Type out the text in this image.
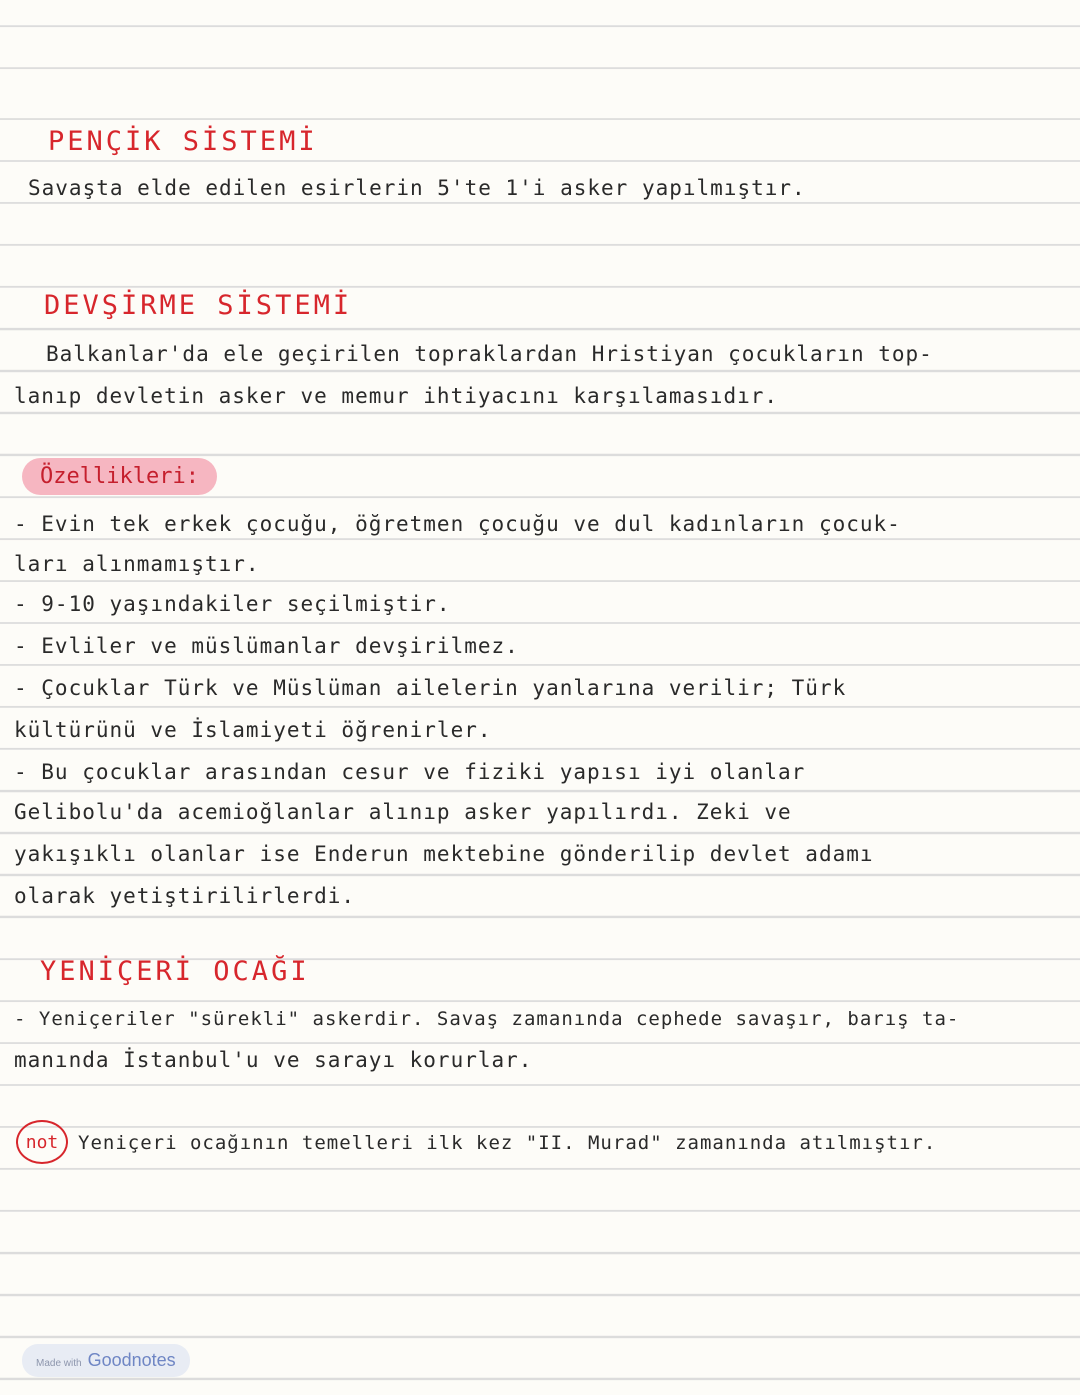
PENÇİK SİSTEMİ
Savaşta elde edilen esirlerin 5'te 1'i asker yapılmıştır.
DEVŞİRME SİSTEMİ
Balkanlar'da ele geçirilen topraklardan Hristiyan çocukların top-
lanıp devletin asker ve memur ihtiyacını karşılamasıdır.
Özellikleri:
- Evin tek erkek çocuğu, öğretmen çocuğu ve dul kadınların çocuk-
ları alınmamıştır.
- 9-10 yaşındakiler seçilmiştir.
- Evliler ve müslümanlar devşirilmez.
- Çocuklar Türk ve Müslüman ailelerin yanlarına verilir; Türk
kültürünü ve İslamiyeti öğrenirler.
- Bu çocuklar arasından cesur ve fiziki yapısı iyi olanlar
Gelibolu'da acemioğlanlar alınıp asker yapılırdı. Zeki ve
yakışıklı olanlar ise Enderun mektebine gönderilip devlet adamı
olarak yetiştirilirlerdi.
YENİÇERİ OCAĞI
- Yeniçeriler "sürekli" askerdir. Savaş zamanında cephede savaşır, barış ta-
manında İstanbul'u ve sarayı korurlar.
not	Yeniçeri ocağının temelleri ilk kez "II. Murad" zamanında atılmıştır.
Made with Goodnotes
